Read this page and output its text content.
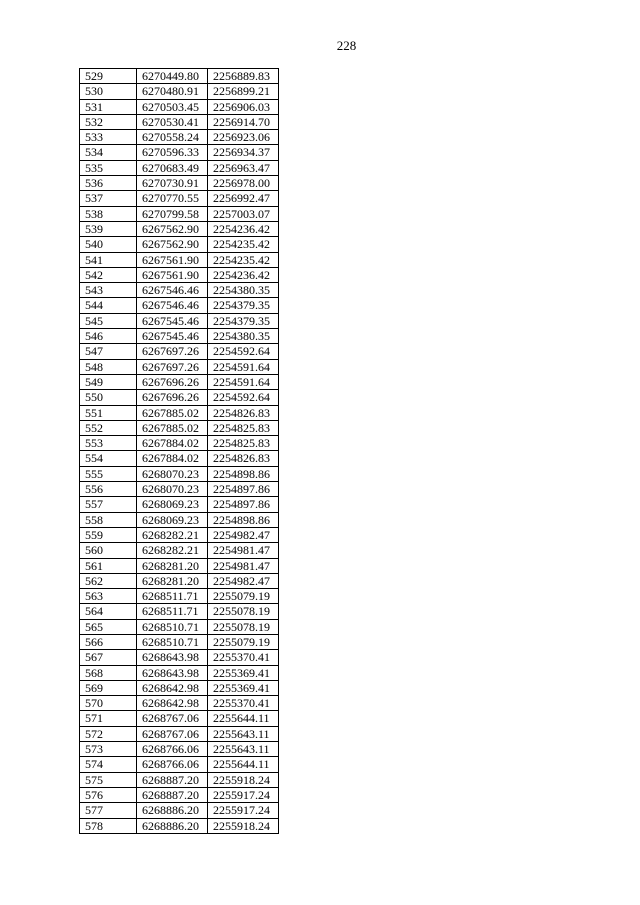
228
529	6270449.80	2256889.83
530	6270480.91	2256899.21
531	6270503.45	2256906.03
532	6270530.41	2256914.70
533	6270558.24	2256923.06
534	6270596.33	2256934.37
535	6270683.49	2256963.47
536	6270730.91	2256978.00
537	6270770.55	2256992.47
538	6270799.58	2257003.07
539	6267562.90	2254236.42
540	6267562.90	2254235.42
541	6267561.90	2254235.42
542	6267561.90	2254236.42
543	6267546.46	2254380.35
544	6267546.46	2254379.35
545	6267545.46	2254379.35
546	6267545.46	2254380.35
547	6267697.26	2254592.64
548	6267697.26	2254591.64
549	6267696.26	2254591.64
550	6267696.26	2254592.64
551	6267885.02	2254826.83
552	6267885.02	2254825.83
553	6267884.02	2254825.83
554	6267884.02	2254826.83
555	6268070.23	2254898.86
556	6268070.23	2254897.86
557	6268069.23	2254897.86
558	6268069.23	2254898.86
559	6268282.21	2254982.47
560	6268282.21	2254981.47
561	6268281.20	2254981.47
562	6268281.20	2254982.47
563	6268511.71	2255079.19
564	6268511.71	2255078.19
565	6268510.71	2255078.19
566	6268510.71	2255079.19
567	6268643.98	2255370.41
568	6268643.98	2255369.41
569	6268642.98	2255369.41
570	6268642.98	2255370.41
571	6268767.06	2255644.11
572	6268767.06	2255643.11
573	6268766.06	2255643.11
574	6268766.06	2255644.11
575	6268887.20	2255918.24
576	6268887.20	2255917.24
577	6268886.20	2255917.24
578	6268886.20	2255918.24
